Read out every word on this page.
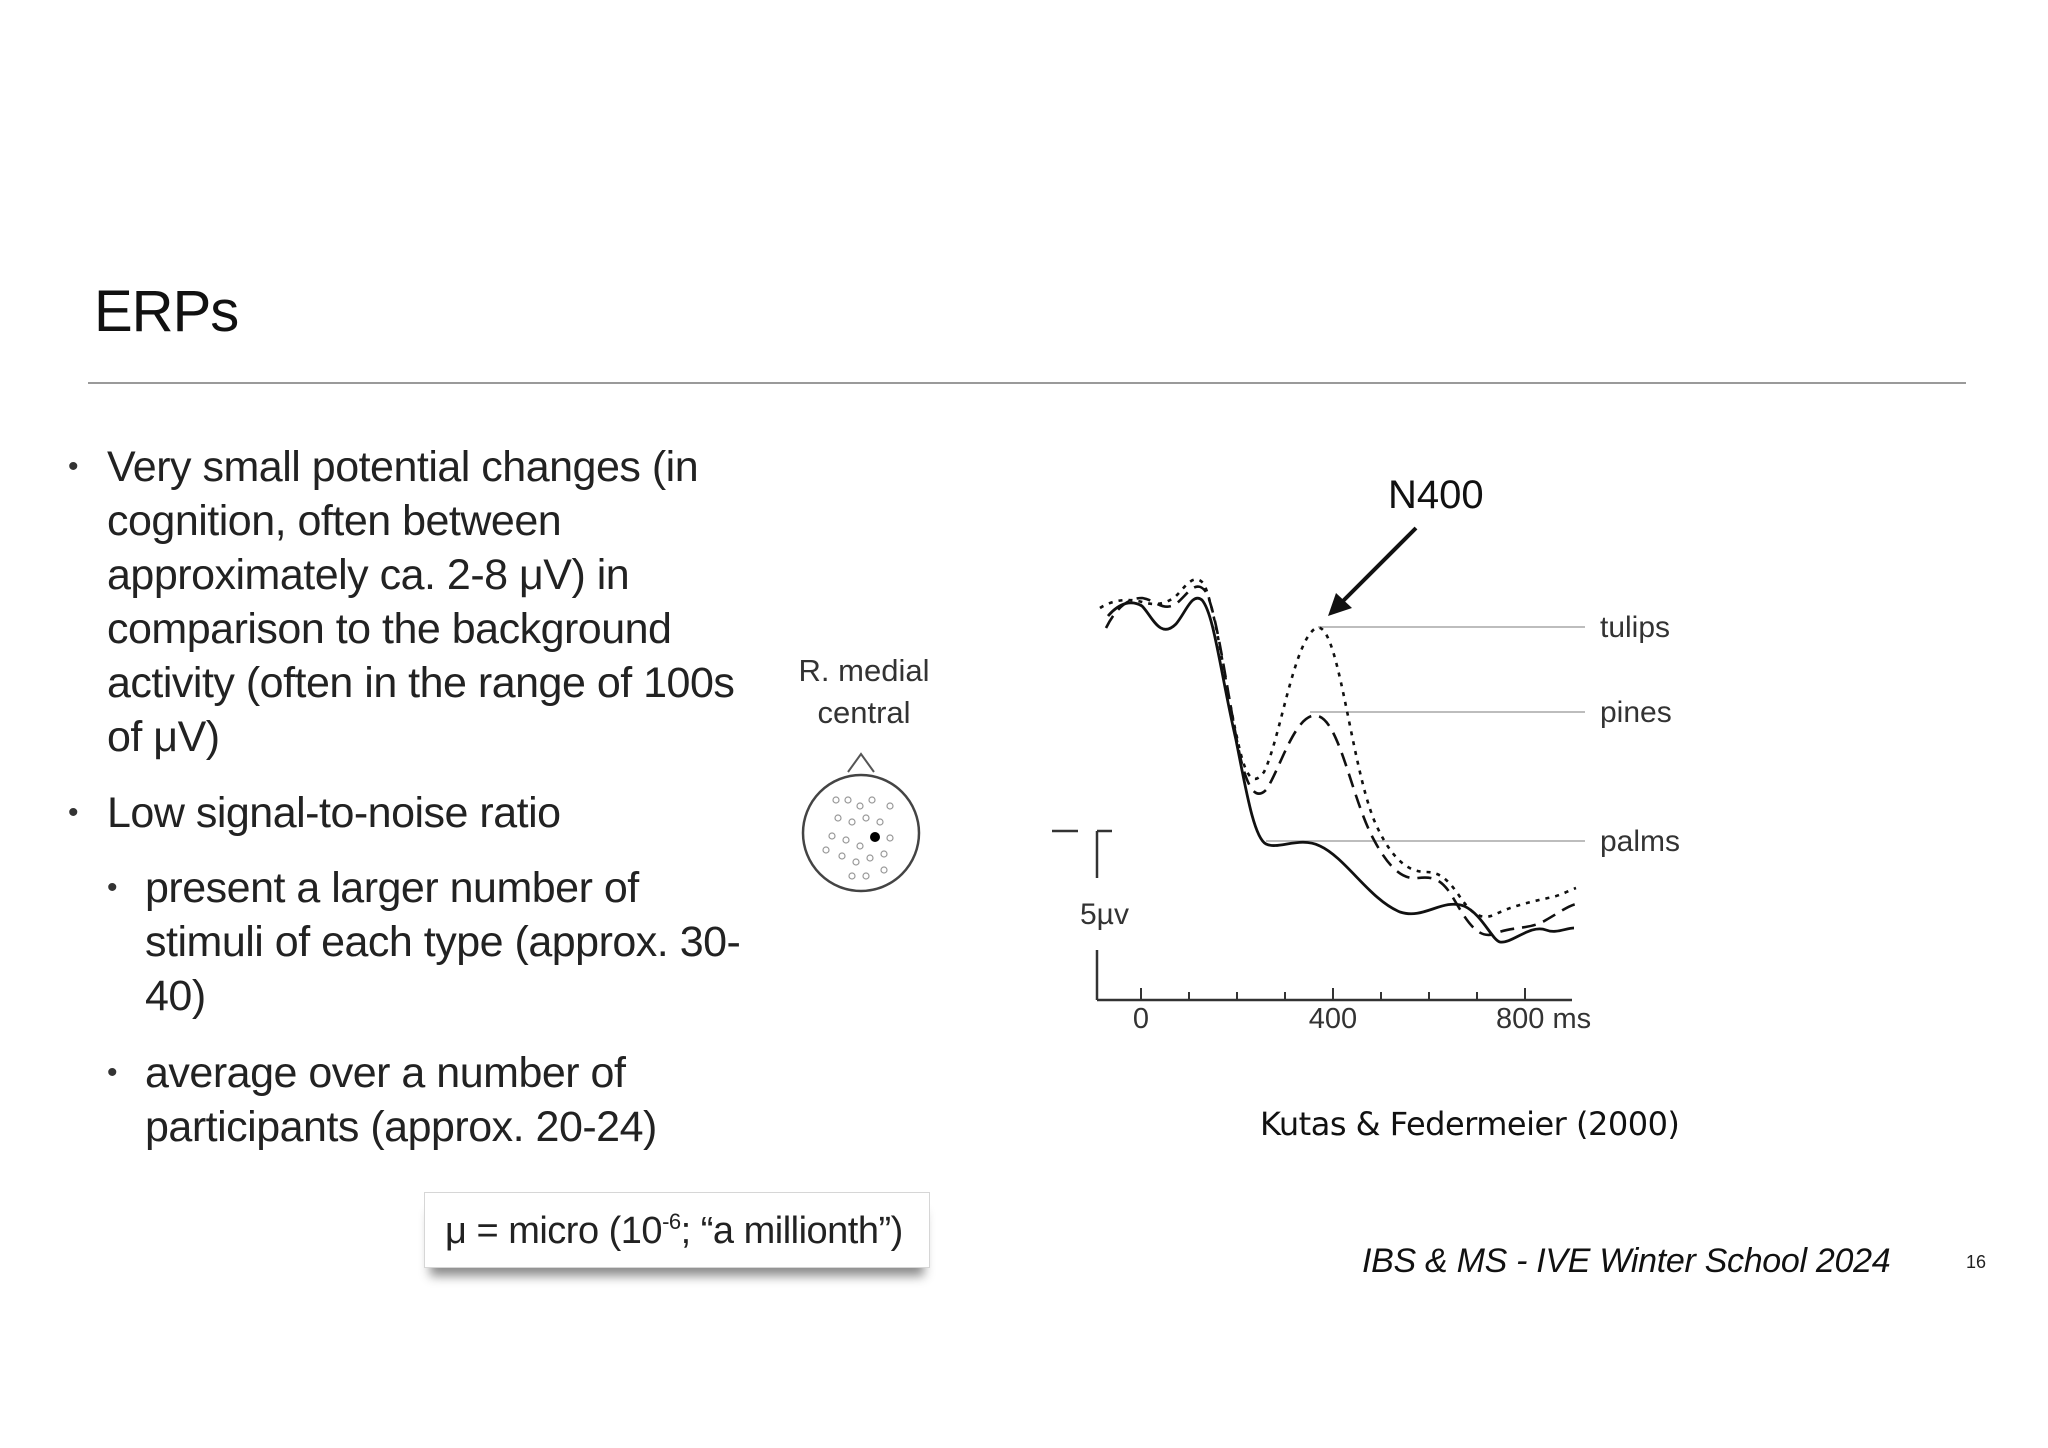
ERPs
• Very small potential changes (in cognition, often between approximately ca. 2-8 μV) in comparison to the background activity (often in the range of 100s of μV)
• Low signal-to-noise ratio
• present a larger number of stimuli of each type (approx. 30-40)
• average over a number of participants (approx. 20-24)
μ = micro ($10^{-6}$; “a millionth”)
N400
R. medial
central
5µv
0	400	800 ms
tulips
pines
palms
Kutas & Federmeier (2000)
IBS & MS - IVE Winter School 2024	16
